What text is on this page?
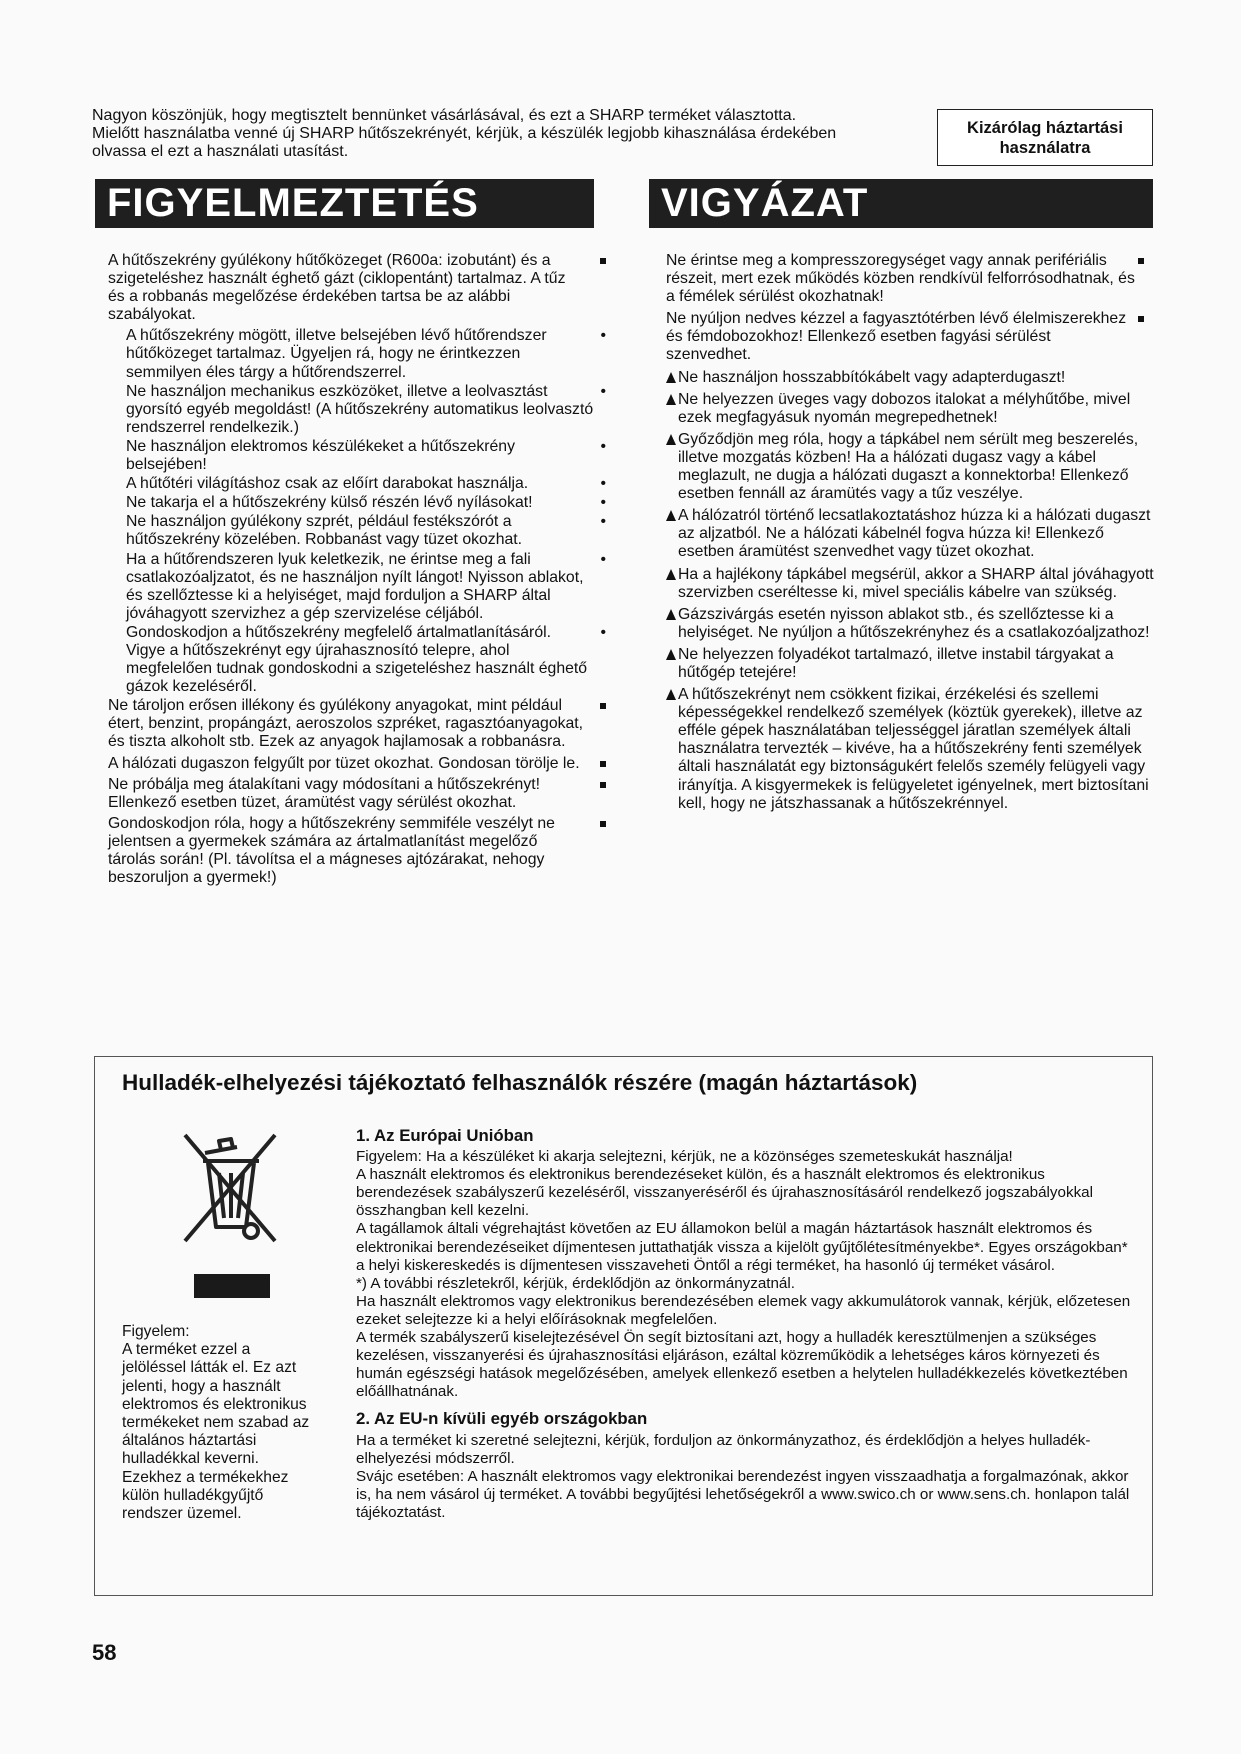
Nagyon köszönjük, hogy megtisztelt bennünket vásárlásával, és ezt a SHARP terméket választotta.
Mielőtt használatba venné új SHARP hűtőszekrényét, kérjük, a készülék legjobb kihasználása érdekében
olvassa el ezt a használati utasítást.
Kizárólag háztartási
használatra
FIGYELMEZTETÉS	VIGYÁZAT
A hűtőszekrény gyúlékony hűtőközeget (R600a: izobutánt) és a szigeteléshez használt éghető gázt (ciklopentánt) tartalmaz. A tűz és a robbanás megelőzése érdekében tartsa be az alábbi szabályokat.
A hűtőszekrény mögött, illetve belsejében lévő hűtőrendszer hűtőközeget tartalmaz. Ügyeljen rá, hogy ne érintkezzen semmilyen éles tárgy a hűtőrendszerrel.
•
Ne használjon mechanikus eszközöket, illetve a leolvasztást gyorsító egyéb megoldást! (A hűtőszekrény automatikus leolvasztó rendszerrel rendelkezik.)
•
Ne használjon elektromos készülékeket a hűtőszekrény belsejében!
•
A hűtőtéri világításhoz csak az előírt darabokat használja.	•
Ne takarja el a hűtőszekrény külső részén lévő nyílásokat!	•
Ne használjon gyúlékony szprét, például festékszórót a hűtőszekrény közelében. Robbanást vagy tüzet okozhat.
•
Ha a hűtőrendszeren lyuk keletkezik, ne érintse meg a fali csatlakozóaljzatot, és ne használjon nyílt lángot! Nyisson ablakot, és szellőztesse ki a helyiséget, majd forduljon a SHARP által jóváhagyott szervizhez a gép szervizelése céljából.
•
Gondoskodjon a hűtőszekrény megfelelő ártalmatlanításáról. Vigye a hűtőszekrényt egy újrahasznosító telepre, ahol megfelelően tudnak gondoskodni a szigeteléshez használt éghető gázok kezeléséről.
•
Ne tároljon erősen illékony és gyúlékony anyagokat, mint például étert, benzint, propángázt, aeroszolos szpréket, ragasztóanyagokat, és tiszta alkoholt stb. Ezek az anyagok hajlamosak a robbanásra.
A hálózati dugaszon felgyűlt por tüzet okozhat. Gondosan törölje le.
Ne próbálja meg átalakítani vagy módosítani a hűtőszekrényt! Ellenkező esetben tüzet, áramütést vagy sérülést okozhat.
Gondoskodjon róla, hogy a hűtőszekrény semmiféle veszélyt ne jelentsen a gyermekek számára az ártalmatlanítást megelőző tárolás során! (Pl. távolítsa el a mágneses ajtózárakat, nehogy beszoruljon a gyermek!)
Ne érintse meg a kompresszoregységet vagy annak perifériális részeit, mert ezek működés közben rendkívül felforrósodhatnak, és a fémélek sérülést okozhatnak!
Ne nyúljon nedves kézzel a fagyasztótérben lévő élelmiszerekhez és fémdobozokhoz! Ellenkező esetben fagyási sérülést szenvedhet.
Ne használjon hosszabbítókábelt vagy adapterdugaszt!
Ne helyezzen üveges vagy dobozos italokat a mélyhűtőbe, mivel ezek megfagyásuk nyomán megrepedhetnek!
Győződjön meg róla, hogy a tápkábel nem sérült meg beszerelés, illetve mozgatás közben! Ha a hálózati dugasz vagy a kábel meglazult, ne dugja a hálózati dugaszt a konnektorba! Ellenkező esetben fennáll az áramütés vagy a tűz veszélye.
A hálózatról történő lecsatlakoztatáshoz húzza ki a hálózati dugaszt az aljzatból. Ne a hálózati kábelnél fogva húzza ki! Ellenkező esetben áramütést szenvedhet vagy tüzet okozhat.
Ha a hajlékony tápkábel megsérül, akkor a SHARP által jóváhagyott szervizben cseréltesse ki, mivel speciális kábelre van szükség.
Gázszivárgás esetén nyisson ablakot stb., és szellőztesse ki a helyiséget. Ne nyúljon a hűtőszekrényhez és a csatlakozóaljzathoz!
Ne helyezzen folyadékot tartalmazó, illetve instabil tárgyakat a hűtőgép tetejére!
A hűtőszekrényt nem csökkent fizikai, érzékelési és szellemi képességekkel rendelkező személyek (köztük gyerekek), illetve az efféle gépek használatában teljességgel járatlan személyek általi használatra tervezték – kivéve, ha a hűtőszekrény fenti személyek általi használatát egy biztonságukért felelős személy felügyeli vagy irányítja. A kisgyermekek is felügyeletet igényelnek, mert biztosítani kell, hogy ne játszhassanak a hűtőszekrénnyel.
Hulladék-elhelyezési tájékoztató felhasználók részére (magán háztartások)
Figyelem:
A terméket ezzel a jelöléssel látták el. Ez azt jelenti, hogy a használt elektromos és elektronikus termékeket nem szabad az általános háztartási hulladékkal keverni. Ezekhez a termékekhez külön hulladékgyűjtő rendszer üzemel.
1. Az Európai Unióban

Figyelem: Ha a készüléket ki akarja selejtezni, kérjük, ne a közönséges szemeteskukát használja!

A használt elektromos és elektronikus berendezéseket külön, és a használt elektromos és elektronikus berendezések szabályszerű kezeléséről, visszanyeréséről és újrahasznosításáról rendelkező jogszabályokkal összhangban kell kezelni.

A tagállamok általi végrehajtást követően az EU államokon belül a magán háztartások használt elektromos és elektronikai berendezéseiket díjmentesen juttathatják vissza a kijelölt gyűjtőlétesítményekbe*. Egyes országokban* a helyi kiskereskedés is díjmentesen visszaveheti Öntől a régi terméket, ha hasonló új terméket vásárol.

*) A további részletekről, kérjük, érdeklődjön az önkormányzatnál.

Ha használt elektromos vagy elektronikus berendezésében elemek vagy akkumulátorok vannak, kérjük, előzetesen ezeket selejtezze ki a helyi előírásoknak megfelelően.

A termék szabályszerű kiselejtezésével Ön segít biztosítani azt, hogy a hulladék keresztülmenjen a szükséges kezelésen, visszanyerési és újrahasznosítási eljáráson, ezáltal közreműködik a lehetséges káros környezeti és humán egészségi hatások megelőzésében, amelyek ellenkező esetben a helytelen hulladékkezelés következtében előállhatnának.

2. Az EU-n kívüli egyéb országokban

Ha a terméket ki szeretné selejtezni, kérjük, forduljon az önkormányzathoz, és érdeklődjön a helyes hulladék-elhelyezési módszerről.

Svájc esetében: A használt elektromos vagy elektronikai berendezést ingyen visszaadhatja a forgalmazónak, akkor is, ha nem vásárol új terméket. A további begyűjtési lehetőségekről a www.swico.ch or www.sens.ch. honlapon talál tájékoztatást.

58
